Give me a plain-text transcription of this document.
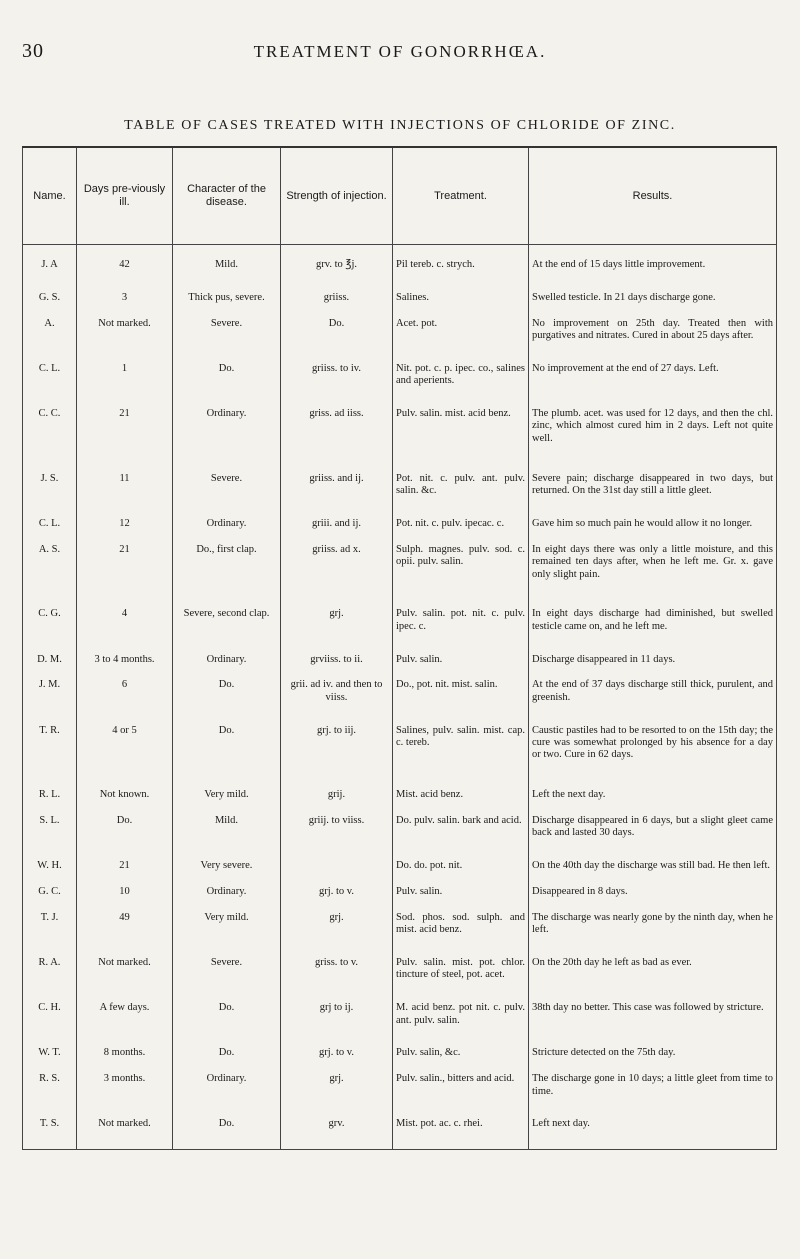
30	TREATMENT OF GONORRHŒA.
TABLE OF CASES TREATED WITH INJECTIONS OF CHLORIDE OF ZINC.
Name.	Days pre-viously ill.	Character of the disease.	Strength of injection.	Treatment.	Results.
J. A	42	Mild.	grv. to ℥j.	Pil tereb. c. strych.	At the end of 15 days little improvement.
G. S.	3	Thick pus, severe.	griiss.	Salines.	Swelled testicle. In 21 days discharge gone.
A.	Not marked.	Severe.	Do.	Acet. pot.	No improvement on 25th day. Treated then with purgatives and nitrates. Cured in about 25 days after.
C. L.	1	Do.	griiss. to iv.	Nit. pot. c. p. ipec. co., salines and aperients.	No improvement at the end of 27 days. Left.
C. C.	21	Ordinary.	griss. ad iiss.	Pulv. salin. mist. acid benz.	The plumb. acet. was used for 12 days, and then the chl. zinc, which almost cured him in 2 days. Left not quite well.
J. S.	11	Severe.	griiss. and ij.	Pot. nit. c. pulv. ant. pulv. salin. &c.	Severe pain; discharge disappeared in two days, but returned. On the 31st day still a little gleet.
C. L.	12	Ordinary.	griii. and ij.	Pot. nit. c. pulv. ipecac. c.	Gave him so much pain he would allow it no longer.
A. S.	21	Do., first clap.	griiss. ad x.	Sulph. magnes. pulv. sod. c. opii. pulv. salin.	In eight days there was only a little moisture, and this remained ten days after, when he left me. Gr. x. gave only slight pain.
C. G.	4	Severe, second clap.	grj.	Pulv. salin. pot. nit. c. pulv. ipec. c.	In eight days discharge had diminished, but swelled testicle came on, and he left me.
D. M.	3 to 4 months.	Ordinary.	grviiss. to ii.	Pulv. salin.	Discharge disappeared in 11 days.
J. M.	6	Do.	grii. ad iv. and then to viiss.	Do., pot. nit. mist. salin.	At the end of 37 days discharge still thick, purulent, and greenish.
T. R.	4 or 5	Do.	grj. to iij.	Salines, pulv. salin. mist. cap. c. tereb.	Caustic pastiles had to be resorted to on the 15th day; the cure was somewhat prolonged by his absence for a day or two. Cure in 62 days.
R. L.	Not known.	Very mild.	grij.	Mist. acid benz.	Left the next day.
S. L.	Do.	Mild.	griij. to viiss.	Do. pulv. salin. bark and acid.	Discharge disappeared in 6 days, but a slight gleet came back and lasted 30 days.
W. H.	21	Very severe.		Do. do. pot. nit.	On the 40th day the discharge was still bad. He then left.
G. C.	10	Ordinary.	grj. to v.	Pulv. salin.	Disappeared in 8 days.
T. J.	49	Very mild.	grj.	Sod. phos. sod. sulph. and mist. acid benz.	The discharge was nearly gone by the ninth day, when he left.
R. A.	Not marked.	Severe.	griss. to v.	Pulv. salin. mist. pot. chlor. tincture of steel, pot. acet.	On the 20th day he left as bad as ever.
C. H.	A few days.	Do.	grj to ij.	M. acid benz. pot nit. c. pulv. ant. pulv. salin.	38th day no better. This case was followed by stricture.
W. T.	8 months.	Do.	grj. to v.	Pulv. salin, &c.	Stricture detected on the 75th day.
R. S.	3 months.	Ordinary.	grj.	Pulv. salin., bitters and acid.	The discharge gone in 10 days; a little gleet from time to time.
T. S.	Not marked.	Do.	grv.	Mist. pot. ac. c. rhei.	Left next day.
